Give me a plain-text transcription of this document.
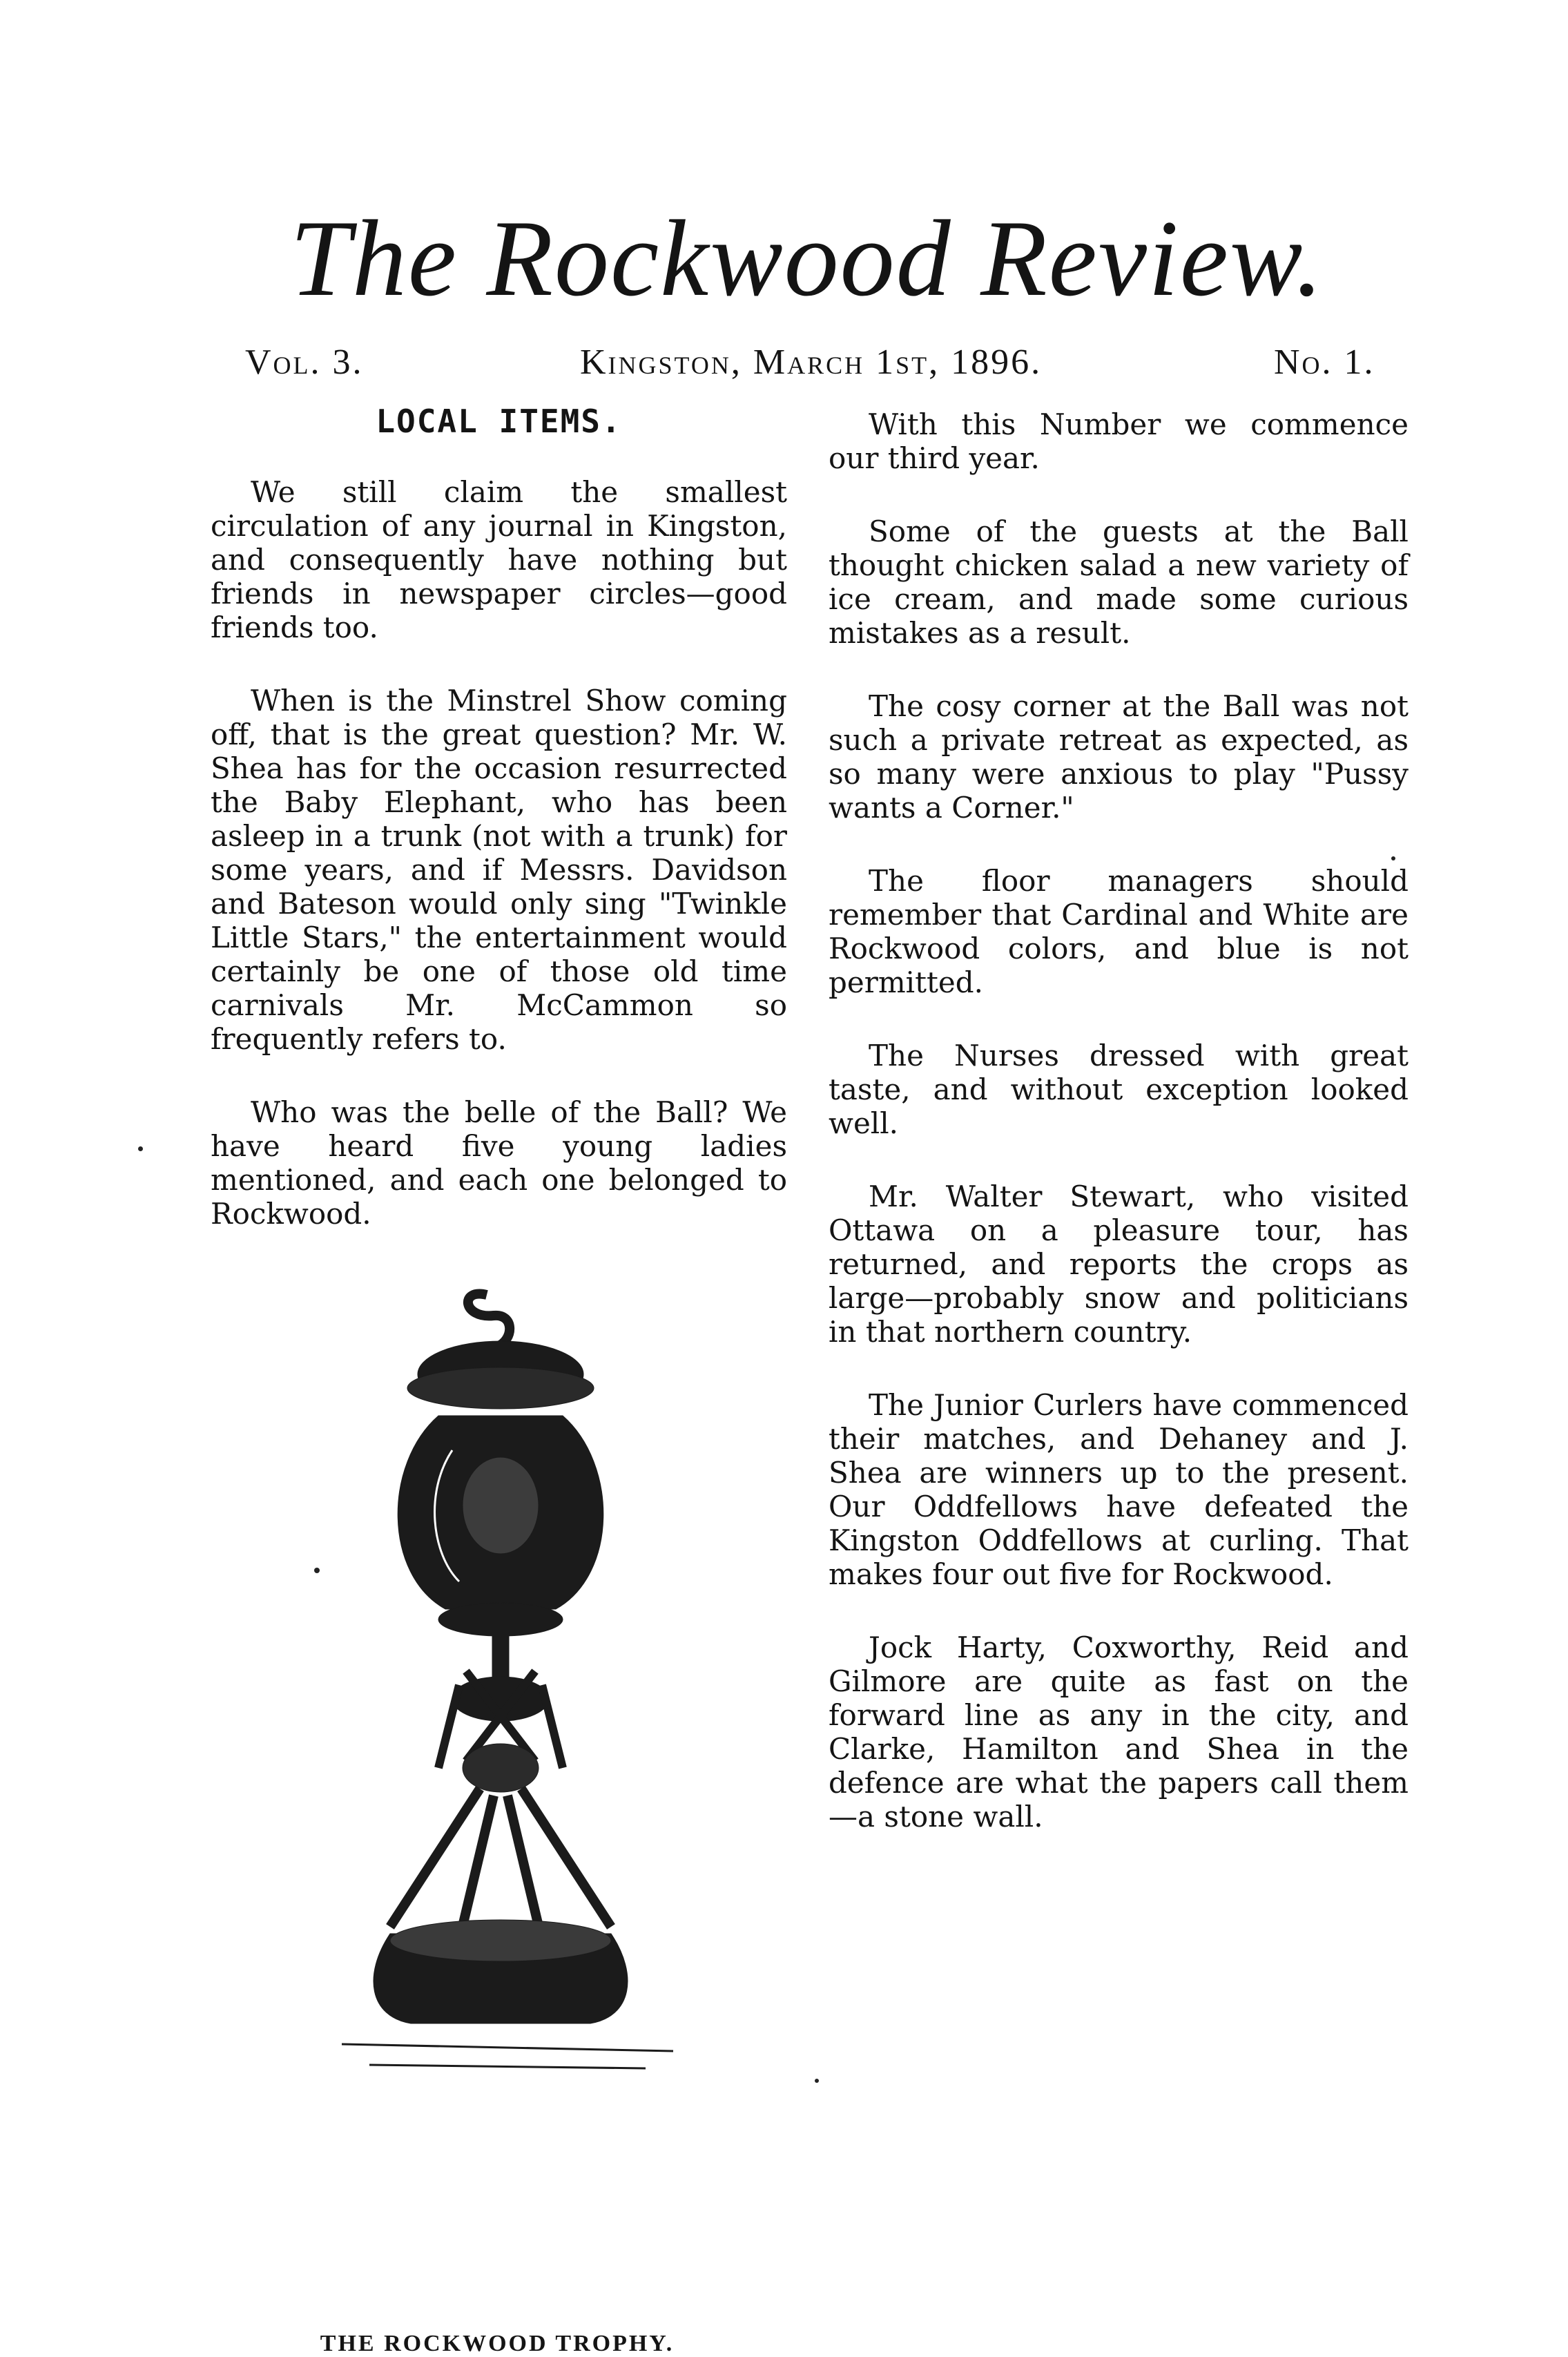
The Rockwood Review.
Vol. 3.	Kingston, March 1st, 1896.	No. 1.
LOCAL ITEMS.

We still claim the smallest circulation of any journal in Kingston, and consequently have nothing but friends in newspaper circles—good friends too.

When is the Minstrel Show coming off, that is the great question? Mr. W. Shea has for the occasion resurrected the Baby Elephant, who has been asleep in a trunk (not with a trunk) for some years, and if Messrs. Davidson and Bateson would only sing "Twinkle Little Stars," the entertainment would certainly be one of those old time carnivals Mr. McCammon so frequently refers to.

Who was the belle of the Ball? We have heard five young ladies mentioned, and each one belonged to Rockwood.

THE ROCKWOOD TROPHY.

With this Number we commence our third year.

Some of the guests at the Ball thought chicken salad a new variety of ice cream, and made some curious mistakes as a result.

The cosy corner at the Ball was not such a private retreat as expected, as so many were anxious to play "Pussy wants a Corner."

The floor managers should remember that Cardinal and White are Rockwood colors, and blue is not permitted.

The Nurses dressed with great taste, and without exception looked well.

Mr. Walter Stewart, who visited Ottawa on a pleasure tour, has returned, and reports the crops as large—probably snow and politicians in that northern country.

The Junior Curlers have commenced their matches, and Dehaney and J. Shea are winners up to the present. Our Oddfellows have defeated the Kingston Oddfellows at curling. That makes four out five for Rockwood.

Jock Harty, Coxworthy, Reid and Gilmore are quite as fast on the forward line as any in the city, and Clarke, Hamilton and Shea in the defence are what the papers call them—a stone wall.
